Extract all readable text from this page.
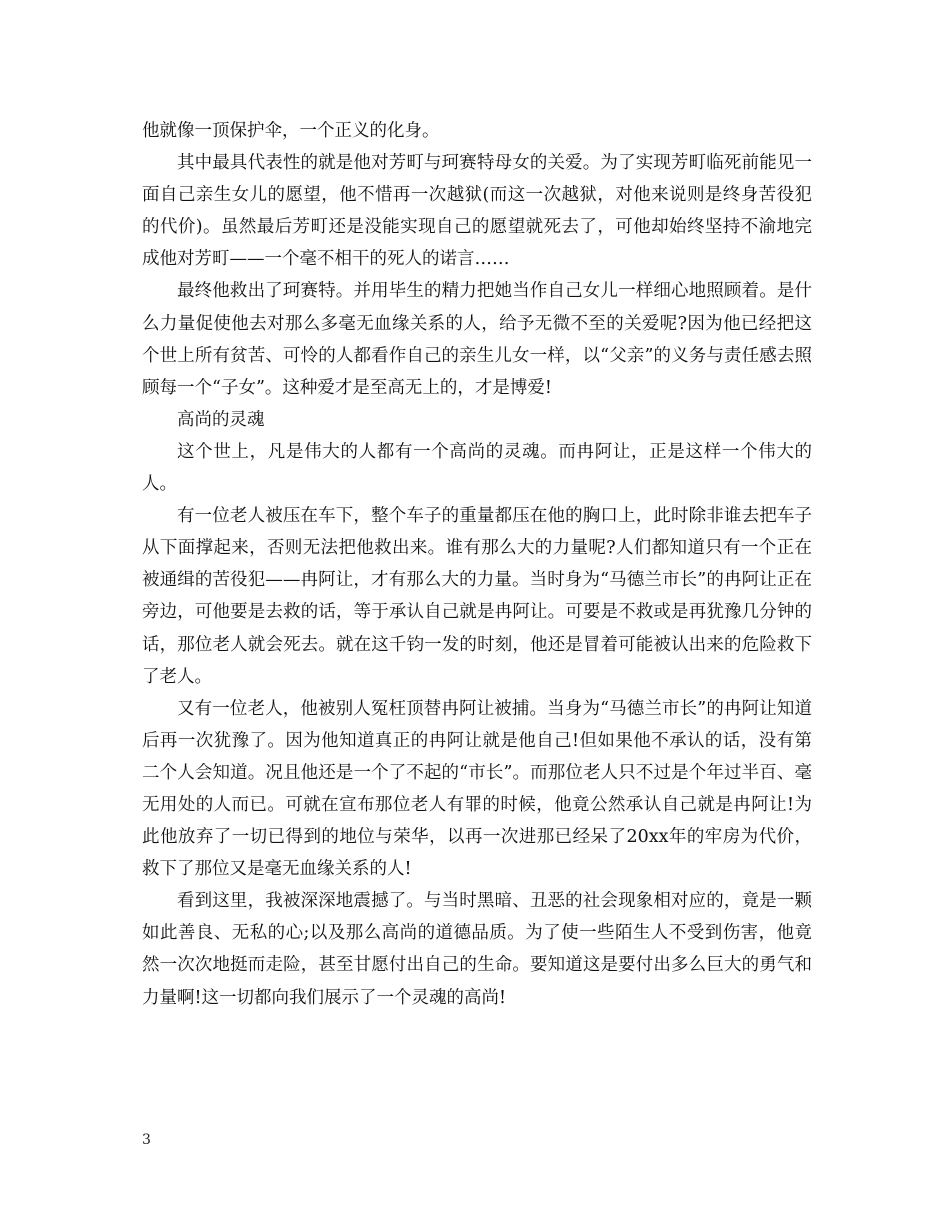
他就像一顶保护伞，一个正义的化身。

其中最具代表性的就是他对芳町与珂赛特母女的关爱。为了实现芳町临死前能见一面自己亲生女儿的愿望，他不惜再一次越狱(而这一次越狱，对他来说则是终身苦役犯的代价)。虽然最后芳町还是没能实现自己的愿望就死去了，可他却始终坚持不渝地完成他对芳町——一个毫不相干的死人的诺言……

最终他救出了珂赛特。并用毕生的精力把她当作自己女儿一样细心地照顾着。是什么力量促使他去对那么多毫无血缘关系的人，给予无微不至的关爱呢?因为他已经把这个世上所有贫苦、可怜的人都看作自己的亲生儿女一样，以“父亲”的义务与责任感去照顾每一个“子女”。这种爱才是至高无上的，才是博爱!

高尚的灵魂

这个世上，凡是伟大的人都有一个高尚的灵魂。而冉阿让，正是这样一个伟大的人。

有一位老人被压在车下，整个车子的重量都压在他的胸口上，此时除非谁去把车子从下面撑起来，否则无法把他救出来。谁有那么大的力量呢?人们都知道只有一个正在被通缉的苦役犯——冉阿让，才有那么大的力量。当时身为“马德兰市长”的冉阿让正在旁边，可他要是去救的话，等于承认自己就是冉阿让。可要是不救或是再犹豫几分钟的话，那位老人就会死去。就在这千钧一发的时刻，他还是冒着可能被认出来的危险救下了老人。

又有一位老人，他被别人冤枉顶替冉阿让被捕。当身为“马德兰市长”的冉阿让知道后再一次犹豫了。因为他知道真正的冉阿让就是他自己!但如果他不承认的话，没有第二个人会知道。况且他还是一个了不起的“市长”。而那位老人只不过是个年过半百、毫无用处的人而已。可就在宣布那位老人有罪的时候，他竟公然承认自己就是冉阿让!为此他放弃了一切已得到的地位与荣华，以再一次进那已经呆了20xx年的牢房为代价，救下了那位又是毫无血缘关系的人!

看到这里，我被深深地震撼了。与当时黑暗、丑恶的社会现象相对应的，竟是一颗如此善良、无私的心;以及那么高尚的道德品质。为了使一些陌生人不受到伤害，他竟然一次次地挺而走险，甚至甘愿付出自己的生命。要知道这是要付出多么巨大的勇气和力量啊!这一切都向我们展示了一个灵魂的高尚!

3
